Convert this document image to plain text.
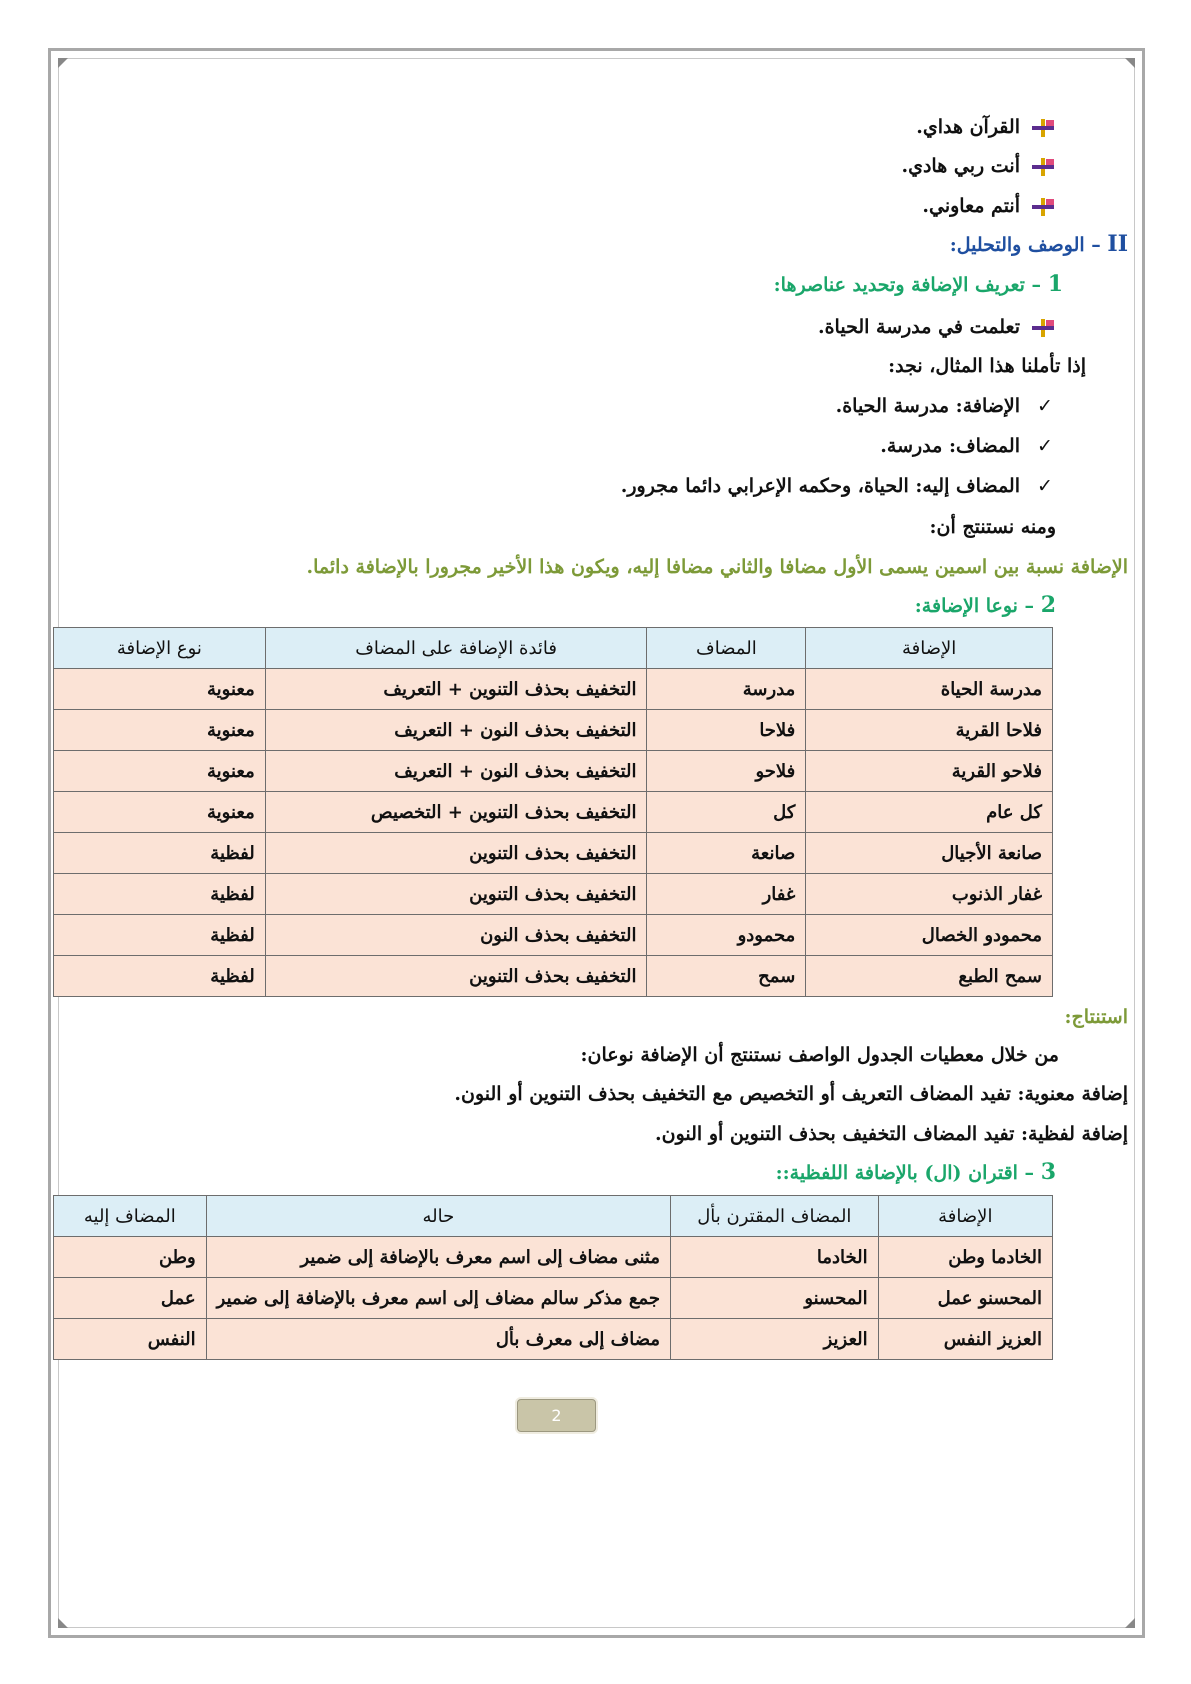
القرآن هداي.
أنت ربي هادي.
أنتم معاوني.
II – الوصف والتحليل:
1 – تعريف الإضافة وتحديد عناصرها:
تعلمت في مدرسة الحياة.
إذا تأملنا هذا المثال، نجد:
✓الإضافة: مدرسة الحياة.
✓المضاف: مدرسة.
✓المضاف إليه: الحياة، وحكمه الإعرابي دائما مجرور.
ومنه نستنتج أن:
الإضافة نسبة بين اسمين يسمى الأول مضافا والثاني مضافا إليه، ويكون هذا الأخير مجرورا بالإضافة دائما.
2 – نوعا الإضافة:
الإضافة	المضاف	فائدة الإضافة على المضاف	نوع الإضافة
مدرسة الحياة	مدرسة	التخفيف بحذف التنوين + التعريف	معنوية
فلاحا القرية	فلاحا	التخفيف بحذف النون + التعريف	معنوية
فلاحو القرية	فلاحو	التخفيف بحذف النون + التعريف	معنوية
كل عام	كل	التخفيف بحذف التنوين + التخصيص	معنوية
صانعة الأجيال	صانعة	التخفيف بحذف التنوين	لفظية
غفار الذنوب	غفار	التخفيف بحذف التنوين	لفظية
محمودو الخصال	محمودو	التخفيف بحذف النون	لفظية
سمح الطبع	سمح	التخفيف بحذف التنوين	لفظية
استنتاج:
من خلال معطيات الجدول الواصف نستنتج أن الإضافة نوعان:
إضافة معنوية: تفيد المضاف التعريف أو التخصيص مع التخفيف بحذف التنوين أو النون.
إضافة لفظية: تفيد المضاف التخفيف بحذف التنوين أو النون.
3 – اقتران (ال) بالإضافة اللفظية::
الإضافة	المضاف المقترن بأل	حاله	المضاف إليه
الخادما وطن	الخادما	مثنى مضاف إلى اسم معرف بالإضافة إلى ضمير	وطن
المحسنو عمل	المحسنو	جمع مذكر سالم مضاف إلى اسم معرف بالإضافة إلى ضمير	عمل
العزيز النفس	العزيز	مضاف إلى معرف بأل	النفس
2
